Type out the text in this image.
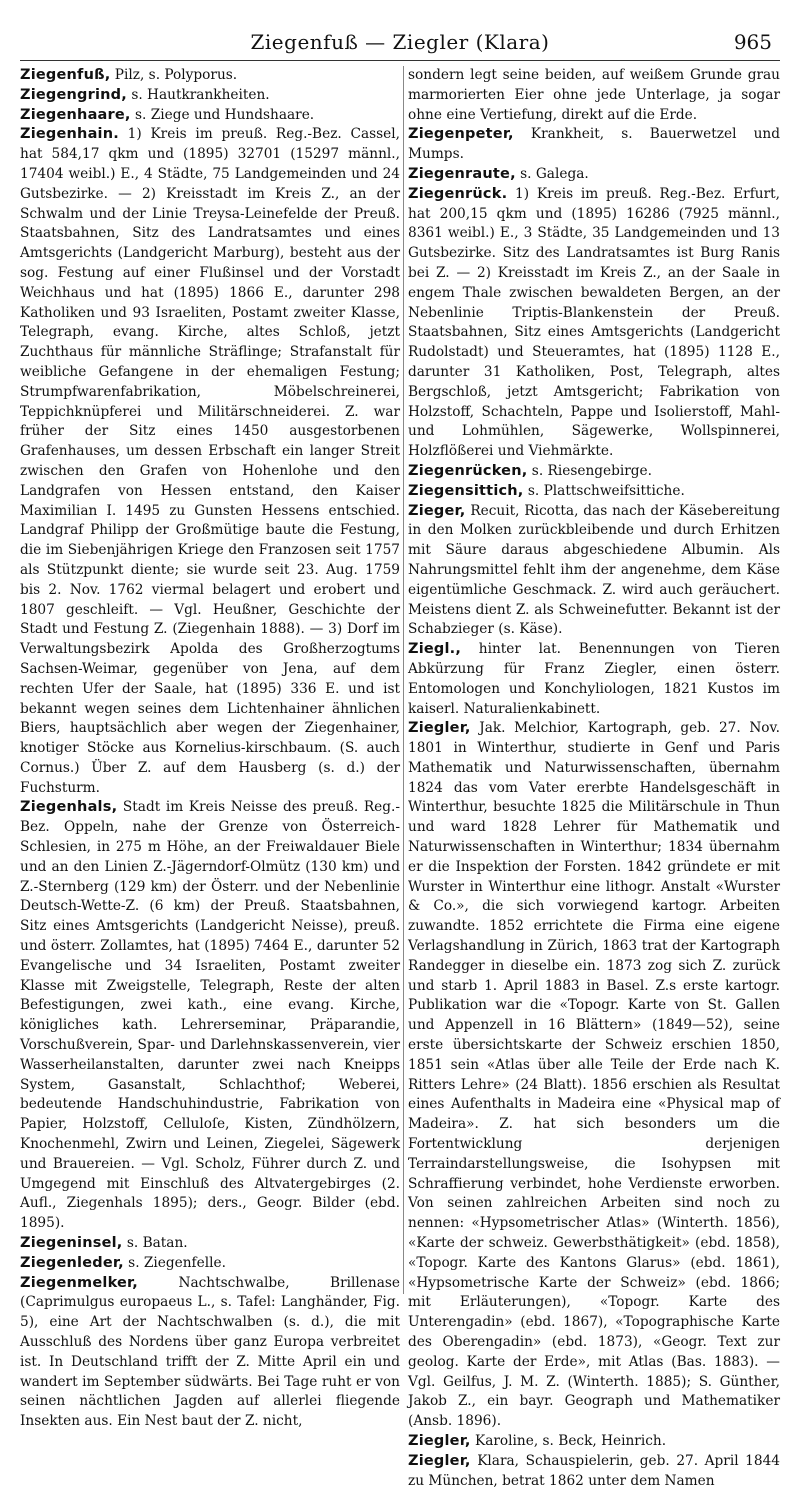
Ziegenfuß — Ziegler (Klara)	965

Ziegenfuß, Pilz, s. Polyporus.

Ziegengrind, s. Hautkrankheiten.

Ziegenhaare, s. Ziege und Hundshaare.

Ziegenhain. 1) Kreis im preuß. Reg.-Bez. Cassel, hat 584,17 qkm und (1895) 32701 (15297 männl., 17404 weibl.) E., 4 Städte, 75 Landgemeinden und 24 Gutsbezirke. — 2) Kreisstadt im Kreis Z., an der Schwalm und der Linie Treysa-Leinefelde der Preuß. Staatsbahnen, Sitz des Landratsamtes und eines Amtsgerichts (Landgericht Marburg), besteht aus der sog. Festung auf einer Flußinsel und der Vorstadt Weichhaus und hat (1895) 1866 E., darunter 298 Katholiken und 93 Israeliten, Postamt zweiter Klasse, Telegraph, evang. Kirche, altes Schloß, jetzt Zuchthaus für männliche Sträflinge; Strafanstalt für weibliche Gefangene in der ehemaligen Festung; Strumpfwarenfabrikation, Möbelschreinerei, Teppichknüpferei und Militärschneiderei. Z. war früher der Sitz eines 1450 ausgestorbenen Grafenhauses, um dessen Erbschaft ein langer Streit zwischen den Grafen von Hohenlohe und den Landgrafen von Hessen entstand, den Kaiser Maximilian I. 1495 zu Gunsten Hessens entschied. Landgraf Philipp der Großmütige baute die Festung, die im Siebenjährigen Kriege den Franzosen seit 1757 als Stützpunkt diente; sie wurde seit 23. Aug. 1759 bis 2. Nov. 1762 viermal belagert und erobert und 1807 geschleift. — Vgl. Heußner, Geschichte der Stadt und Festung Z. (Ziegenhain 1888). — 3) Dorf im Verwaltungsbezirk Apolda des Großherzogtums Sachsen-Weimar, gegenüber von Jena, auf dem rechten Ufer der Saale, hat (1895) 336 E. und ist bekannt wegen seines dem Lichtenhainer ähnlichen Biers, hauptsächlich aber wegen der Ziegenhainer, knotiger Stöcke aus Kornelius-kirschbaum. (S. auch Cornus.) Über Z. auf dem Hausberg (s. d.) der Fuchsturm.

Ziegenhals, Stadt im Kreis Neisse des preuß. Reg.-Bez. Oppeln, nahe der Grenze von Österreich-Schlesien, in 275 m Höhe, an der Freiwaldauer Biele und an den Linien Z.-Jägerndorf-Olmütz (130 km) und Z.-Sternberg (129 km) der Österr. und der Nebenlinie Deutsch-Wette-Z. (6 km) der Preuß. Staatsbahnen, Sitz eines Amtsgerichts (Landgericht Neisse), preuß. und österr. Zollamtes, hat (1895) 7464 E., darunter 52 Evangelische und 34 Israeliten, Postamt zweiter Klasse mit Zweigstelle, Telegraph, Reste der alten Befestigungen, zwei kath., eine evang. Kirche, königliches kath. Lehrerseminar, Präparandie, Vorschußverein, Spar- und Darlehnskassenverein, vier Wasserheilanstalten, darunter zwei nach Kneipps System, Gasanstalt, Schlachthof; Weberei, bedeutende Handschuhindustrie, Fabrikation von Papier, Holzstoff, Celluloſe, Kisten, Zündhölzern, Knochenmehl, Zwirn und Leinen, Ziegelei, Sägewerk und Brauereien. — Vgl. Scholz, Führer durch Z. und Umgegend mit Einschluß des Altvatergebirges (2. Aufl., Ziegenhals 1895); ders., Geogr. Bilder (ebd. 1895).

Ziegeninsel, s. Batan.

Ziegenleder, s. Ziegenfelle.

Ziegenmelker, Nachtschwalbe, Brillenase (Caprimulgus europaeus L., s. Tafel: Langhänder, Fig. 5), eine Art der Nachtschwalben (s. d.), die mit Ausschluß des Nordens über ganz Europa verbreitet ist. In Deutschland trifft der Z. Mitte April ein und wandert im September südwärts. Bei Tage ruht er von seinen nächtlichen Jagden auf allerlei fliegende Insekten aus. Ein Nest baut der Z. nicht,

sondern legt seine beiden, auf weißem Grunde grau marmorierten Eier ohne jede Unterlage, ja sogar ohne eine Vertiefung, direkt auf die Erde.

Ziegenpeter, Krankheit, s. Bauerwetzel und Mumps.

Ziegenraute, s. Galega.

Ziegenrück. 1) Kreis im preuß. Reg.-Bez. Erfurt, hat 200,15 qkm und (1895) 16286 (7925 männl., 8361 weibl.) E., 3 Städte, 35 Landgemeinden und 13 Gutsbezirke. Sitz des Landratsamtes ist Burg Ranis bei Z. — 2) Kreisstadt im Kreis Z., an der Saale in engem Thale zwischen bewaldeten Bergen, an der Nebenlinie Triptis-Blankenstein der Preuß. Staatsbahnen, Sitz eines Amtsgerichts (Landgericht Rudolstadt) und Steueramtes, hat (1895) 1128 E., darunter 31 Katholiken, Post, Telegraph, altes Bergschloß, jetzt Amtsgericht; Fabrikation von Holzstoff, Schachteln, Pappe und Isolierstoff, Mahl- und Lohmühlen, Sägewerke, Wollspinnerei, Holzflößerei und Viehmärkte.

Ziegenrücken, s. Riesengebirge.

Ziegensittich, s. Plattschweifsittiche.

Zieger, Recuit, Ricotta, das nach der Käsebereitung in den Molken zurückbleibende und durch Erhitzen mit Säure daraus abgeschiedene Albumin. Als Nahrungsmittel fehlt ihm der angenehme, dem Käse eigentümliche Geschmack. Z. wird auch geräuchert. Meistens dient Z. als Schweinefutter. Bekannt ist der Schabzieger (s. Käse).

Ziegl., hinter lat. Benennungen von Tieren Abkürzung für Franz Ziegler, einen österr. Entomologen und Konchyliologen, 1821 Kustos im kaiserl. Naturalienkabinett.

Ziegler, Jak. Melchior, Kartograph, geb. 27. Nov. 1801 in Winterthur, studierte in Genf und Paris Mathematik und Naturwissenschaften, übernahm 1824 das vom Vater ererbte Handelsgeschäft in Winterthur, besuchte 1825 die Militärschule in Thun und ward 1828 Lehrer für Mathematik und Naturwissenschaften in Winterthur; 1834 übernahm er die Inspektion der Forsten. 1842 gründete er mit Wurster in Winterthur eine lithogr. Anstalt «Wurster & Co.», die sich vorwiegend kartogr. Arbeiten zuwandte. 1852 errichtete die Firma eine eigene Verlagshandlung in Zürich, 1863 trat der Kartograph Randegger in dieselbe ein. 1873 zog sich Z. zurück und starb 1. April 1883 in Basel. Z.s erste kartogr. Publikation war die «Topogr. Karte von St. Gallen und Appenzell in 16 Blättern» (1849—52), seine erste übersichtskarte der Schweiz erschien 1850, 1851 sein «Atlas über alle Teile der Erde nach K. Ritters Lehre» (24 Blatt). 1856 erschien als Resultat eines Aufenthalts in Madeira eine «Physical map of Madeira». Z. hat sich besonders um die Fortentwicklung derjenigen Terraindarstellungsweise, die Isohypsen mit Schraffierung verbindet, hohe Verdienste erworben. Von seinen zahlreichen Arbeiten sind noch zu nennen: «Hypsometrischer Atlas» (Winterth. 1856), «Karte der schweiz. Gewerbsthätigkeit» (ebd. 1858), «Topogr. Karte des Kantons Glarus» (ebd. 1861), «Hypsometrische Karte der Schweiz» (ebd. 1866; mit Erläuterungen), «Topogr. Karte des Unterengadin» (ebd. 1867), «Topographische Karte des Oberengadin» (ebd. 1873), «Geogr. Text zur geolog. Karte der Erde», mit Atlas (Bas. 1883). — Vgl. Geilfus, J. M. Z. (Winterth. 1885); S. Günther, Jakob Z., ein bayr. Geograph und Mathematiker (Ansb. 1896).

Ziegler, Karoline, s. Beck, Heinrich.

Ziegler, Klara, Schauspielerin, geb. 27. April 1844 zu München, betrat 1862 unter dem Namen
